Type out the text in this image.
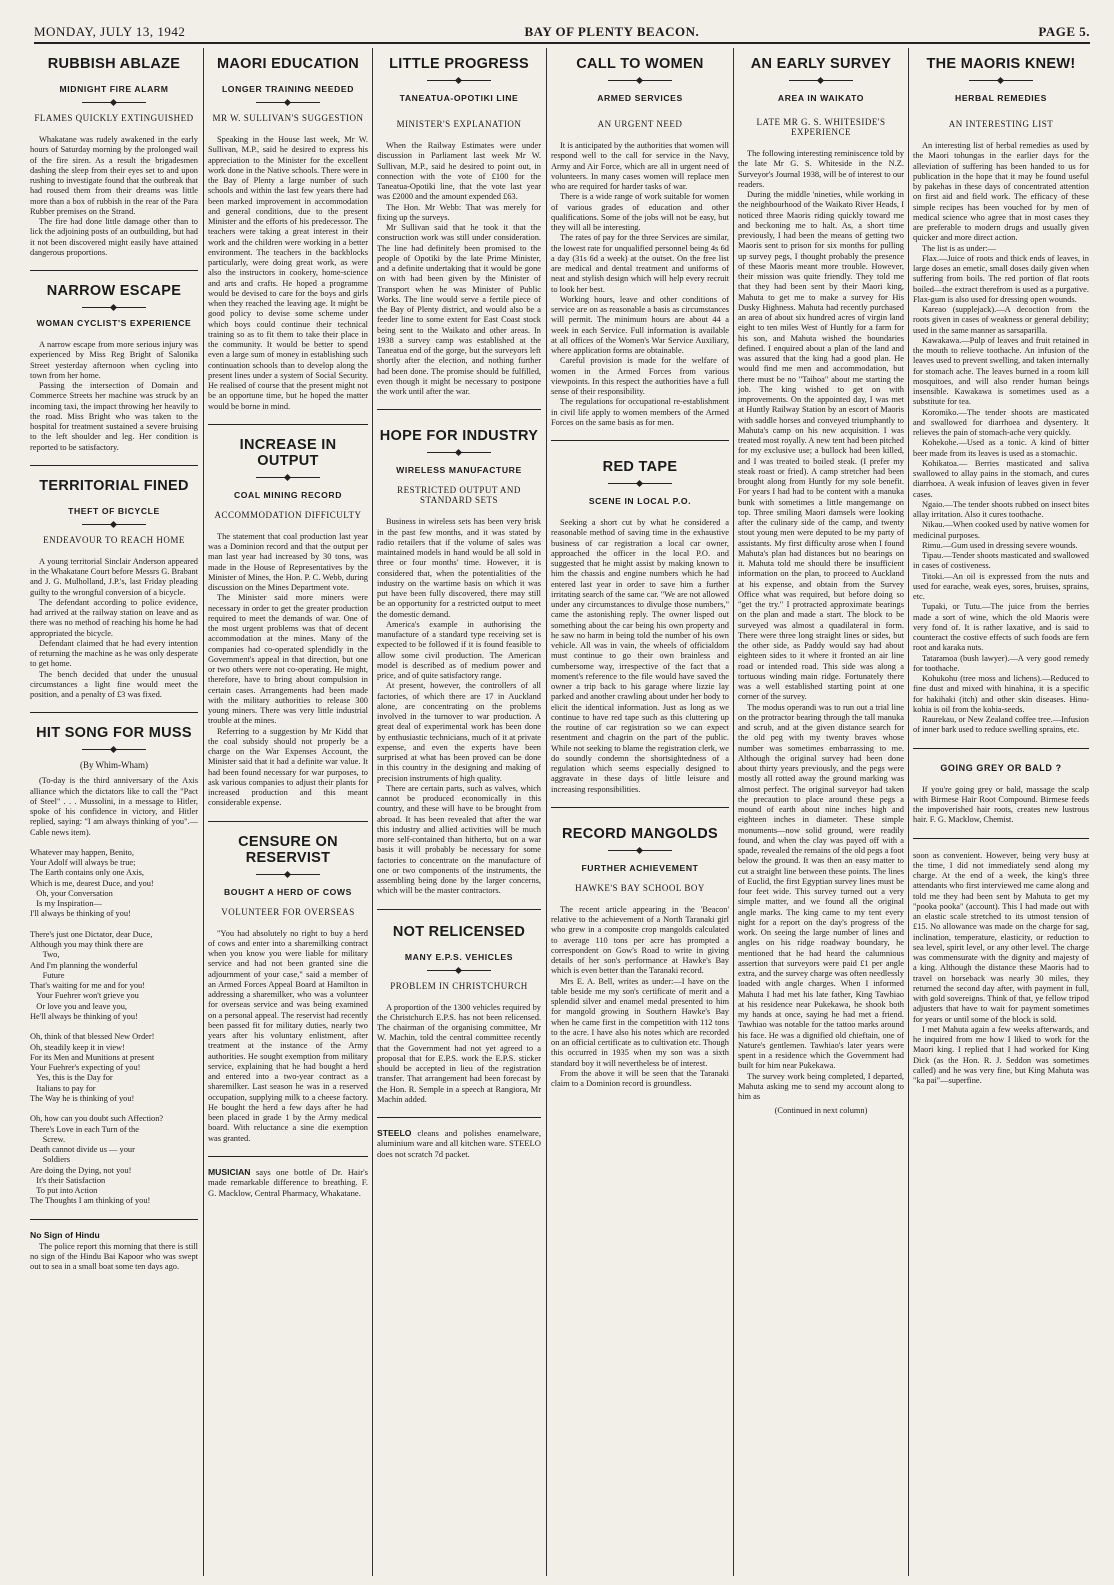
MONDAY, JULY 13, 1942	BAY OF PLENTY BEACON.	PAGE 5.
RUBBISH ABLAZE
MIDNIGHT FIRE ALARM
FLAMES QUICKLY EXTINGUISHED

Whakatane was rudely awakened in the early hours of Saturday morning by the prolonged wail of the fire siren. As a result the brigadesmen dashing the sleep from their eyes set to and upon rushing to investigate found that the outbreak that had roused them from their dreams was little more than a box of rubbish in the rear of the Para Rubber premises on the Strand.

The fire had done little damage other than to lick the adjoining posts of an outbuilding, but had it not been discovered might easily have attained dangerous proportions.

NARROW ESCAPE
WOMAN CYCLIST'S EXPERIENCE

A narrow escape from more serious injury was experienced by Miss Reg Bright of Salonika Street yesterday afternoon when cycling into town from her home.

Passing the intersection of Domain and Commerce Streets her machine was struck by an incoming taxi, the impact throwing her heavily to the road. Miss Bright who was taken to the hospital for treatment sustained a severe bruising to the left shoulder and leg. Her condition is reported to be satisfactory.

TERRITORIAL FINED
THEFT OF BICYCLE
ENDEAVOUR TO REACH HOME

A young territorial Sinclair Anderson appeared in the Whakatane Court before Messrs G. Brabant and J. G. Mulholland, J.P.'s, last Friday pleading guilty to the wrongful conversion of a bicycle.

The defendant according to police evidence, had arrived at the railway station on leave and as there was no method of reaching his home he had appropriated the bicycle.

Defendant claimed that he had every intention of returning the machine as he was only desperate to get home.

The bench decided that under the unusual circumstances a light fine would meet the position, and a penalty of £3 was fixed.

HIT SONG FOR MUSS
(By Whim-Wham)

(To-day is the third anniversary of the Axis alliance which the dictators like to call the "Pact of Steel" . . . Mussolini, in a message to Hitler, spoke of his confidence in victory, and Hitler replied, saying: "I am always thinking of you".—Cable news item).

Whatever may happen, Benito,
Your Adolf will always be true;
The Earth contains only one Axis,
Which is me, dearest Duce, and you!
Oh, your Conversation
Is my Inspiration—
I'll always be thinking of you!

There's just one Dictator, dear Duce,
Although you may think there are
Two,
And I'm planning the wonderful
Future
That's waiting for me and for you!
Your Fuehrer won't grieve you
Or love you and leave you,
He'll always be thinking of you!

Oh, think of that blessed New Order!
Oh, steadily keep it in view!
For its Men and Munitions at present
Your Fuehrer's expecting of you!
Yes, this is the Day for
Italians to pay for
The Way he is thinking of you!

Oh, how can you doubt such Affection?
There's Love in each Turn of the
Screw.
Death cannot divide us — your
Soldiers
Are doing the Dying, not you!
It's their Satisfaction
To put into Action
The Thoughts I am thinking of you!
No Sign of Hindu

The police report this morning that there is still no sign of the Hindu Bai Kapoor who was swept out to sea in a small boat some ten days ago.

MAORI EDUCATION
LONGER TRAINING NEEDED
MR W. SULLIVAN'S SUGGESTION

Speaking in the House last week, Mr W. Sullivan, M.P., said he desired to express his appreciation to the Minister for the excellent work done in the Native schools. There were in the Bay of Plenty a large number of such schools and within the last few years there had been marked improvement in accommodation and general conditions, due to the present Minister and the efforts of his predecessor. The teachers were taking a great interest in their work and the children were working in a better environment. The teachers in the backblocks particularly, were doing great work, as were also the instructors in cookery, home-science and arts and crafts. He hoped a programme would be devised to care for the boys and girls when they reached the leaving age. It might be good policy to devise some scheme under which boys could continue their technical training so as to fit them to take their place in the community. It would be better to spend even a large sum of money in establishing such continuation schools than to develop along the present lines under a system of Social Security. He realised of course that the present might not be an opportune time, but he hoped the matter would be borne in mind.

INCREASE IN OUTPUT
COAL MINING RECORD
ACCOMMODATION DIFFICULTY

The statement that coal production last year was a Dominion record and that the output per man last year had increased by 30 tons, was made in the House of Representatives by the Minister of Mines, the Hon. P. C. Webb, during discussion on the Mines Department vote.

The Minister said more miners were necessary in order to get the greater production required to meet the demands of war. One of the most urgent problems was that of decent accommodation at the mines. Many of the companies had co-operated splendidly in the Government's appeal in that direction, but one or two others were not co-operating. He might, therefore, have to bring about compulsion in certain cases. Arrangements had been made with the military authorities to release 300 young miners. There was very little industrial trouble at the mines.

Referring to a suggestion by Mr Kidd that the coal subsidy should not properly be a charge on the War Expenses Account, the Minister said that it had a definite war value. It had been found necessary for war purposes, to ask various companies to adjust their plants for increased production and this meant considerable expense.

CENSURE ON RESERVIST
BOUGHT A HERD OF COWS
VOLUNTEER FOR OVERSEAS

"You had absolutely no right to buy a herd of cows and enter into a sharemilking contract when you know you were liable for military service and had not been granted sine die adjournment of your case," said a member of an Armed Forces Appeal Board at Hamilton in addressing a sharemilker, who was a volunteer for overseas service and was being examined on a personal appeal. The reservist had recently been passed fit for military duties, nearly two years after his voluntary enlistment, after treatment at the instance of the Army authorities. He sought exemption from military service, explaining that he had bought a herd and entered into a two-year contract as a sharemilker. Last season he was in a reserved occupation, supplying milk to a cheese factory. He bought the herd a few days after he had been placed in grade 1 by the Army medical board. With reluctance a sine die exemption was granted.

MUSICIAN says one bottle of Dr. Hair's made remarkable difference to breathing. F. G. Macklow, Central Pharmacy, Whakatane.
LITTLE PROGRESS
TANEATUA-OPOTIKI LINE
MINISTER'S EXPLANATION

When the Railway Estimates were under discussion in Parliament last week Mr W. Sullivan, M.P., said he desired to point out, in connection with the vote of £100 for the Taneatua-Opotiki line, that the vote last year was £2000 and the amount expended £63.

The Hon. Mr Webb: That was merely for fixing up the surveys.

Mr Sullivan said that he took it that the construction work was still under consideration. The line had definitely been promised to the people of Opotiki by the late Prime Minister, and a definite undertaking that it would be gone on with had been given by the Minister of Transport when he was Minister of Public Works. The line would serve a fertile piece of the Bay of Plenty district, and would also be a feeder line to some extent for East Coast stock being sent to the Waikato and other areas. In 1938 a survey camp was established at the Taneatua end of the gorge, but the surveyors left shortly after the election, and nothing further had been done. The promise should be fulfilled, even though it might be necessary to postpone the work until after the war.

HOPE FOR INDUSTRY
WIRELESS MANUFACTURE
RESTRICTED OUTPUT AND STANDARD SETS

Business in wireless sets has been very brisk in the past few months, and it was stated by radio retailers that if the volume of sales was maintained models in hand would be all sold in three or four months' time. However, it is considered that, when the potentialities of the industry on the wartime basis on which it was put have been fully discovered, there may still be an opportunity for a restricted output to meet the domestic demand.

America's example in authorising the manufacture of a standard type receiving set is expected to be followed if it is found feasible to allow some civil production. The American model is described as of medium power and price, and of quite satisfactory range.

At present, however, the controllers of all factories, of which there are 17 in Auckland alone, are concentrating on the problems involved in the turnover to war production. A great deal of experimental work has been done by enthusiastic technicians, much of it at private expense, and even the experts have been surprised at what has been proved can be done in this country in the designing and making of precision instruments of high quality.

There are certain parts, such as valves, which cannot be produced economically in this country, and these will have to be brought from abroad. It has been revealed that after the war this industry and allied activities will be much more self-contained than hitherto, but on a war basis it will probably be necessary for some factories to concentrate on the manufacture of one or two components of the instruments, the assembling being done by the larger concerns, which will be the master contractors.

NOT RELICENSED
MANY E.P.S. VEHICLES
PROBLEM IN CHRISTCHURCH

A proportion of the 1300 vehicles required by the Christchurch E.P.S. has not been relicensed. The chairman of the organising committee, Mr W. Machin, told the central committee recently that the Government had not yet agreed to a proposal that for E.P.S. work the E.P.S. sticker should be accepted in lieu of the registration transfer. That arrangement had been forecast by the Hon. R. Semple in a speech at Rangiora, Mr Machin added.

STEELO cleans and polishes enamelware, aluminium ware and all kitchen ware. STEELO does not scratch 7d packet.
CALL TO WOMEN
ARMED SERVICES
AN URGENT NEED

It is anticipated by the authorities that women will respond well to the call for service in the Navy, Army and Air Force, which are all in urgent need of volunteers. In many cases women will replace men who are required for harder tasks of war.

There is a wide range of work suitable for women of various grades of education and other qualifications. Some of the jobs will not be easy, but they will all be interesting.

The rates of pay for the three Services are similar, the lowest rate for unqualified personnel being 4s 6d a day (31s 6d a week) at the outset. On the free list are medical and dental treatment and uniforms of neat and stylish design which will help every recruit to look her best.

Working hours, leave and other conditions of service are on as reasonable a basis as circumstances will permit. The minimum hours are about 44 a week in each Service. Full information is available at all offices of the Women's War Service Auxiliary, where application forms are obtainable.

Careful provision is made for the welfare of women in the Armed Forces from various viewpoints. In this respect the authorities have a full sense of their responsibility.

The regulations for occupational re-establishment in civil life apply to women members of the Armed Forces on the same basis as for men.

RED TAPE
SCENE IN LOCAL P.O.

Seeking a short cut by what he considered a reasonable method of saving time in the exhaustive business of car registration a local car owner, approached the officer in the local P.O. and suggested that he might assist by making known to him the chassis and engine numbers which he had entered last year in order to save him a further irritating search of the same car. "We are not allowed under any circumstances to divulge those numbers," came the astonishing reply. The owner lisped out something about the car being his own property and he saw no harm in being told the number of his own vehicle. All was in vain, the wheels of officialdom must continue to go their own brainless and cumbersome way, irrespective of the fact that a moment's reference to the file would have saved the owner a trip back to his garage where lizzie lay parked and another crawling about under her body to elicit the identical information. Just as long as we continue to have red tape such as this cluttering up the routine of car registration so we can expect resentment and chagrin on the part of the public. While not seeking to blame the registration clerk, we do soundly condemn the shortsightedness of a regulation which seems especially designed to aggravate in these days of little leisure and increasing responsibilities.

RECORD MANGOLDS
FURTHER ACHIEVEMENT
HAWKE'S BAY SCHOOL BOY

The recent article appearing in the 'Beacon' relative to the achievement of a North Taranaki girl who grew in a composite crop mangolds calculated to average 110 tons per acre has prompted a correspondent on Gow's Road to write in giving details of her son's performance at Hawke's Bay which is even better than the Taranaki record.

Mrs E. A. Bell, writes as under:—I have on the table beside me my son's certificate of merit and a splendid silver and enamel medal presented to him for mangold growing in Southern Hawke's Bay when he came first in the competition with 112 tons to the acre. I have also his notes which are recorded on an official certificate as to cultivation etc. Though this occurred in 1935 when my son was a sixth standard boy it will nevertheless be of interest.

From the above it will be seen that the Taranaki claim to a Dominion record is groundless.

AN EARLY SURVEY
AREA IN WAIKATO
LATE MR G. S. WHITESIDE'S EXPERIENCE

The following interesting reminiscence told by the late Mr G. S. Whiteside in the N.Z. Surveyor's Journal 1938, will be of interest to our readers.

During the middle 'nineties, while working in the neighbourhood of the Waikato River Heads, I noticed three Maoris riding quickly toward me and beckoning me to halt. As, a short time previously, I had been the means of getting two Maoris sent to prison for six months for pulling up survey pegs, I thought probably the presence of these Maoris meant more trouble. However, their mission was quite friendly. They told me that they had been sent by their Maori king, Mahuta to get me to make a survey for His Dusky Highness. Mahuta had recently purchased an area of about six hundred acres of virgin land eight to ten miles West of Huntly for a farm for his son, and Mahuta wished the boundaries defined. I enquired about a plan of the land and was assured that the king had a good plan. He would find me men and accommodation, but there must be no "Taihoa" about me starting the job. The king wished to get on with improvements. On the appointed day, I was met at Huntly Railway Station by an escort of Maoris with saddle horses and conveyed triumphantly to Mahuta's camp on his new acquisition. I was treated most royally. A new tent had been pitched for my exclusive use; a bullock had been killed, and I was treated to boiled steak. (I prefer my steak roast or fried). A camp stretcher had been brought along from Huntly for my sole benefit. For years I had had to be content with a manuka bunk with sometimes a little mangemange on top. Three smiling Maori damsels were looking after the culinary side of the camp, and twenty stout young men were deputed to be my party of assistants. My first difficulty arose when I found Mahuta's plan had distances but no bearings on it. Mahuta told me should there be insufficient information on the plan, to proceed to Auckland at his expense, and obtain from the Survey Office what was required, but before doing so "get the try." I protracted approximate bearings on the plan and made a start. The block to be surveyed was almost a quadilateral in form. There were three long straight lines or sides, but the other side, as Paddy would say had about eighteen sides to it where it fronted an air line road or intended road. This side was along a tortuous winding main ridge. Fortunately there was a well established starting point at one corner of the survey.

The modus operandi was to run out a trial line on the protractor bearing through the tall manuka and scrub, and at the given distance search for the old peg with my twenty braves whose number was sometimes embarrassing to me. Although the original survey had been done about thirty years previously, and the pegs were mostly all rotted away the ground marking was almost perfect. The original surveyor had taken the precaution to place around these pegs a mound of earth about nine inches high and eighteen inches in diameter. These simple monuments—now solid ground, were readily found, and when the clay was payed off with a spade, revealed the remains of the old pegs a foot below the ground. It was then an easy matter to cut a straight line between these points. The lines of Euclid, the first Egyptian survey lines must be four feet wide. This survey turned out a very simple matter, and we found all the original angle marks. The king came to my tent every night for a report on the day's progress of the work. On seeing the large number of lines and angles on his ridge roadway boundary, he mentioned that he had heard the calumnious assertion that surveyors were paid £1 per angle extra, and the survey charge was often needlessly loaded with angle charges. When I informed Mahuta I had met his late father, King Tawhiao at his residence near Pukekawa, he shook both my hands at once, saying he had met a friend. Tawhiao was notable for the tattoo marks around his face. He was a dignified old chieftain, one of Nature's gentlemen. Tawhiao's later years were spent in a residence which the Government had built for him near Pukekawa.

The survey work being completed, I departed, Mahuta asking me to send my account along to him as

(Continued in next column)
THE MAORIS KNEW!
HERBAL REMEDIES
AN INTERESTING LIST

An interesting list of herbal remedies as used by the Maori tohungas in the earlier days for the alleviation of suffering has been handed to us for publication in the hope that it may be found useful by pakehas in these days of concentrated attention on first aid and field work. The efficacy of these simple recipes has been vouched for by men of medical science who agree that in most cases they are preferable to modern drugs and usually given quicker and more direct action.

The list is as under:—

Flax.—Juice of roots and thick ends of leaves, in large doses an emetic, small doses daily given when suffering from boils. The red portion of flat roots boiled—the extract therefrom is used as a purgative. Flax-gum is also used for dressing open wounds.

Kareao (supplejack).—A decoction from the roots given in cases of weakness or general debility; used in the same manner as sarsaparilla.

Kawakawa.—Pulp of leaves and fruit retained in the mouth to relieve toothache. An infusion of the leaves used to prevent swelling, and taken internally for stomach ache. The leaves burned in a room kill mosquitoes, and will also render human beings insensible. Kawakawa is sometimes used as a substitute for tea.

Koromiko.—The tender shoots are masticated and swallowed for diarrhoea and dysentery. It relieves the pain of stomach-ache very quickly.

Kohekohe.—Used as a tonic. A kind of bitter beer made from its leaves is used as a stomachic.

Kohikatoa.— Berries masticated and saliva swallowed to allay pains in the stomach, and cures diarrhoea. A weak infusion of leaves given in fever cases.

Ngaio.—The tender shoots rubbed on insect bites allay irritation. Also it cures toothache.

Nikau.—When cooked used by native women for medicinal purposes.

Rimu.—Gum used in dressing severe wounds.

Tipau.—Tender shoots masticated and swallowed in cases of costiveness.

Titoki.—An oil is expressed from the nuts and used for earache, weak eyes, sores, bruises, sprains, etc.

Tupaki, or Tutu.—The juice from the berries made a sort of wine, which the old Maoris were very fond of. It is rather laxative, and is said to counteract the costive effects of such foods are fern root and karaka nuts.

Tataramoa (bush lawyer).—A very good remedy for toothache.

Kohukohu (tree moss and lichens).—Reduced to fine dust and mixed with hinahina, it is a specific for hakihaki (itch) and other skin diseases. Hinu-kohia is oil from the kohia-seeds.

Raurekau, or New Zealand coffee tree.—Infusion of inner bark used to reduce swelling sprains, etc.

GOING GREY OR BALD ?

If you're going grey or bald, massage the scalp with Birmese Hair Root Compound. Birmese feeds the impoverished hair roots, creates new lustrous hair. F. G. Macklow, Chemist.

soon as convenient. However, being very busy at the time, I did not immediately send along my charge. At the end of a week, the king's three attendants who first interviewed me came along and told me they had been sent by Mahuta to get my "pooka pooka" (account). This I had made out with an elastic scale stretched to its utmost tension of £15. No allowance was made on the charge for sag, inclination, temperature, elasticity, or reduction to sea level, spirit level, or any other level. The charge was commensurate with the dignity and majesty of a king. Although the distance these Maoris had to travel on horseback was nearly 30 miles, they returned the second day after, with payment in full, with gold sovereigns. Think of that, ye fellow tripod adjusters that have to wait for payment sometimes for years or until some of the block is sold.

I met Mahuta again a few weeks afterwards, and he inquired from me how I liked to work for the Maori king. I replied that I had worked for King Dick (as the Hon. R. J. Seddon was sometimes called) and he was very fine, but King Mahuta was "ka pai"—superfine.
